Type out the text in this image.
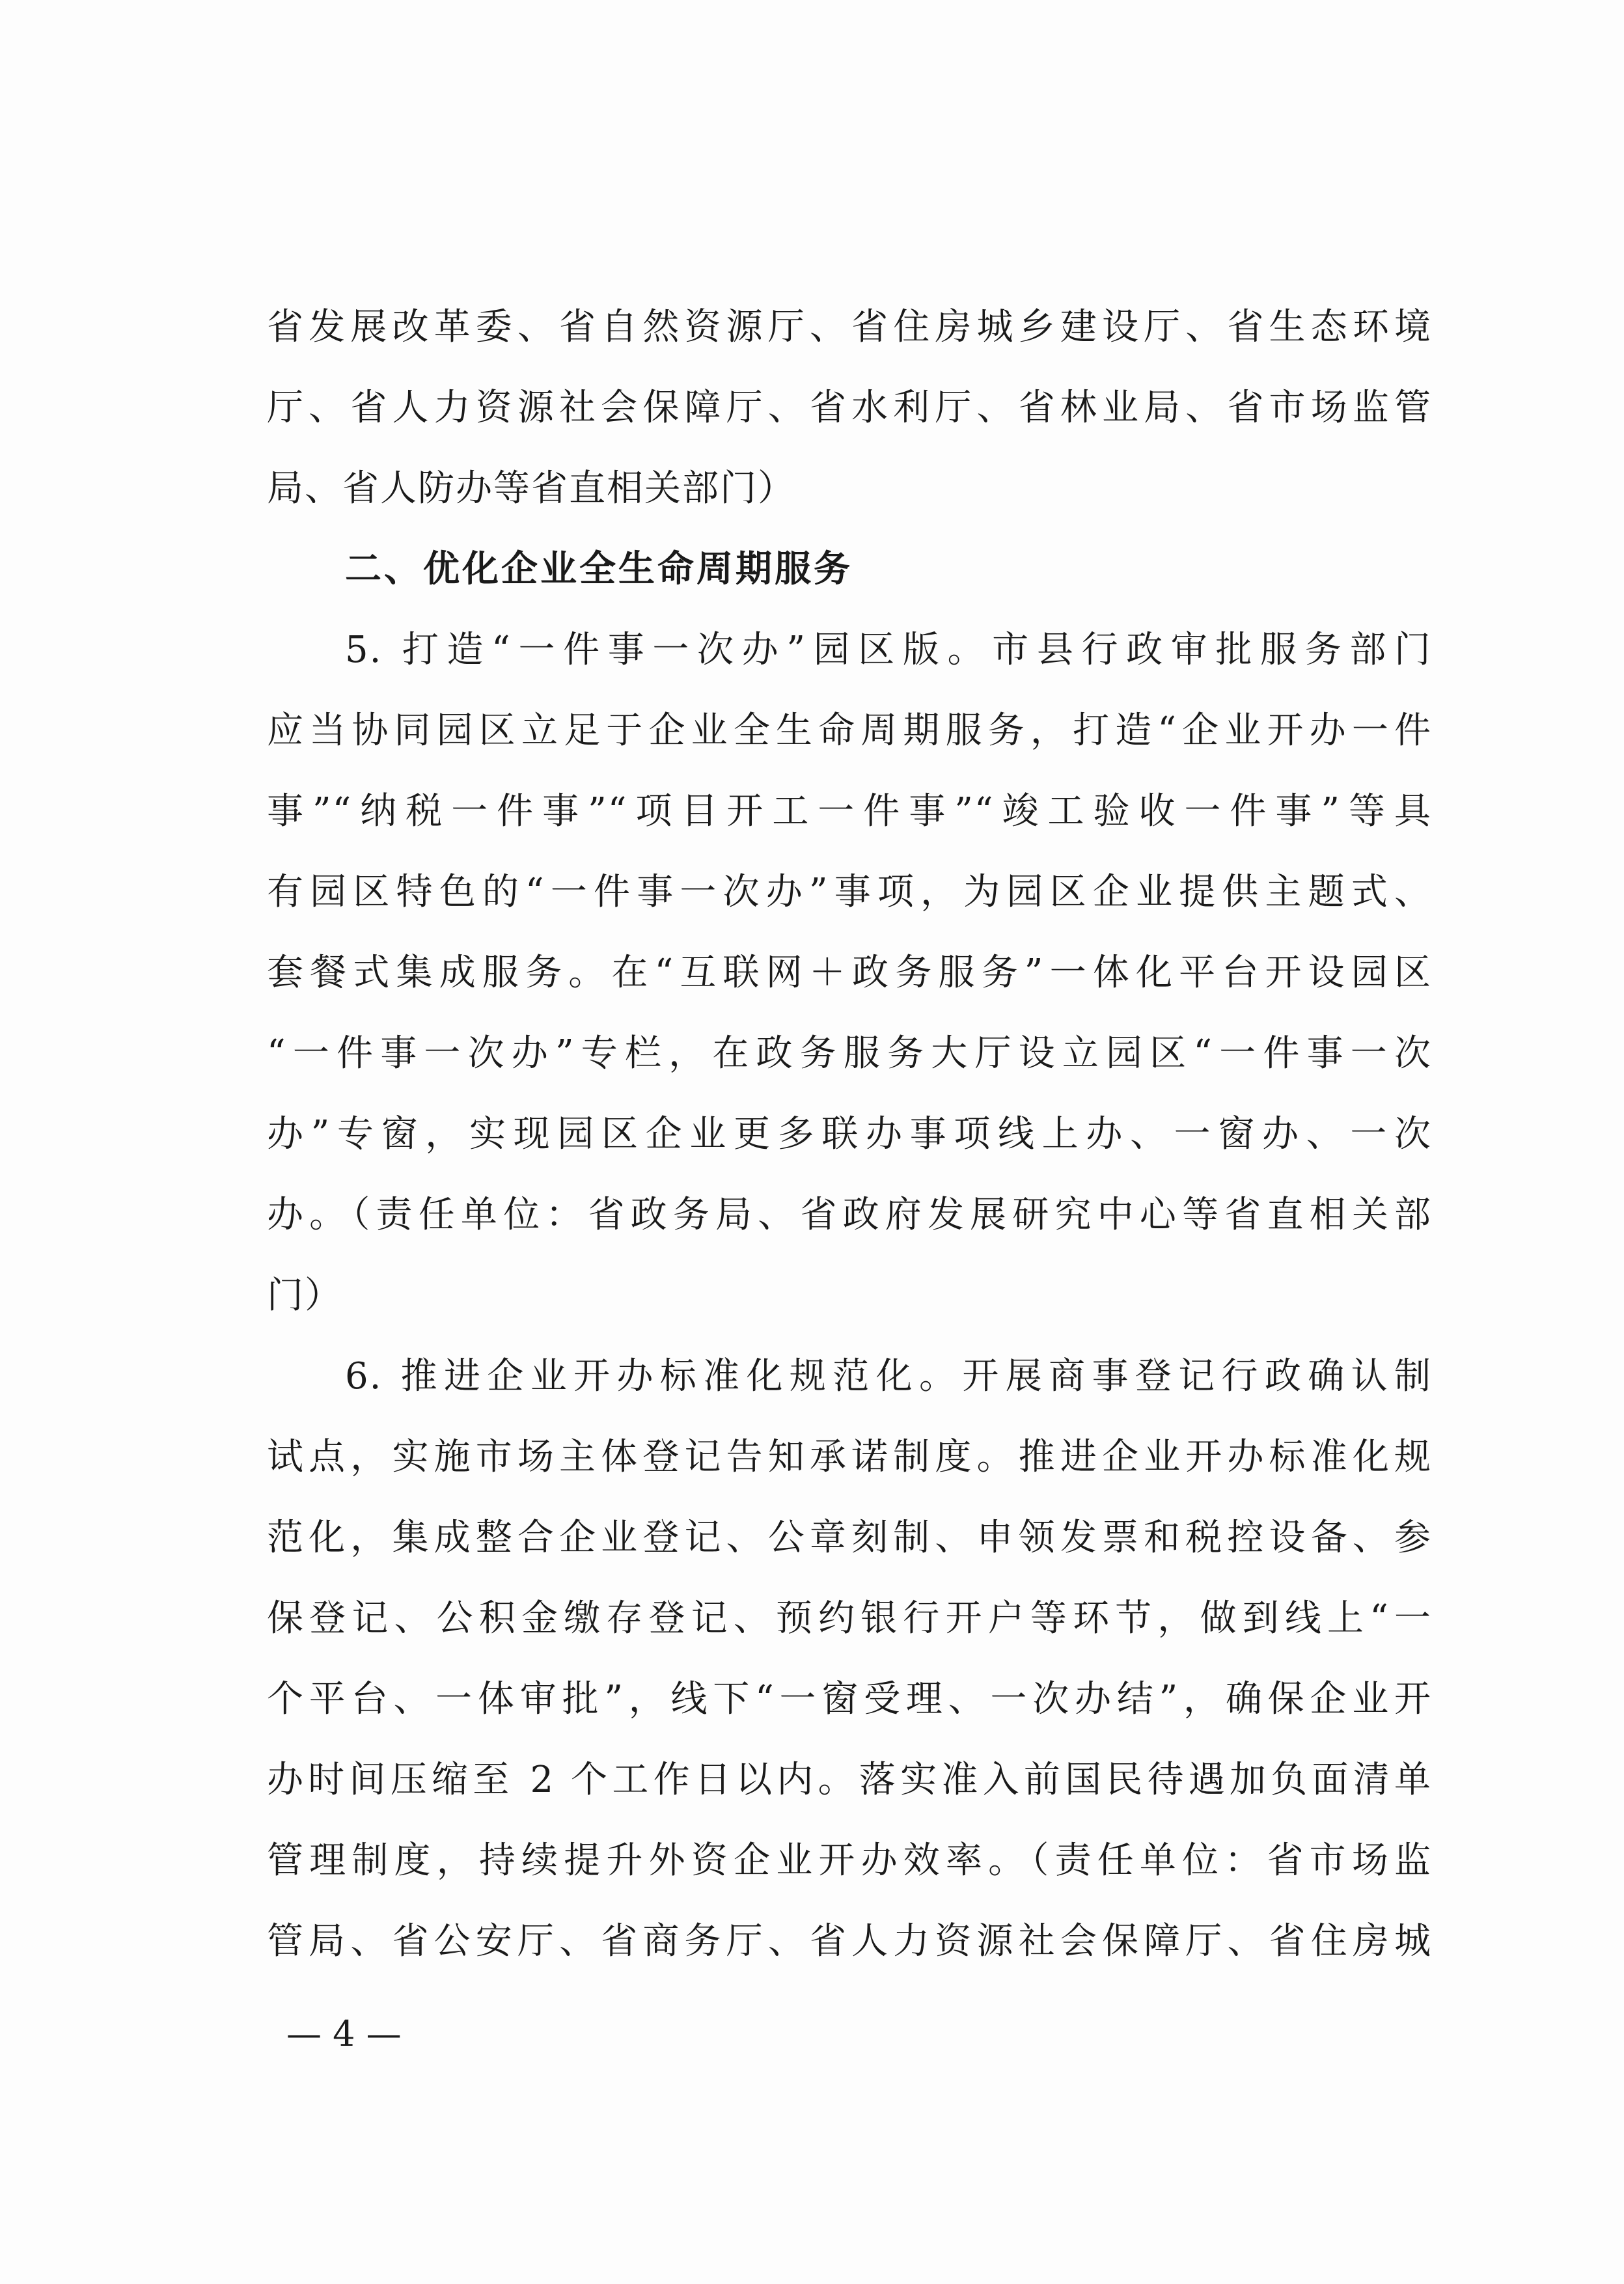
省发展改革委、省自然资源厅、省住房城乡建设厅、省生态环境
厅、省人力资源社会保障厅、省水利厅、省林业局、省市场监管
局、省人防办等省直相关部门）
二、优化企业全生命周期服务
5. 打造“一件事一次办”园区版。市县行政审批服务部门
应当协同园区立足于企业全生命周期服务，打造“企业开办一件
事”“纳税一件事”“项目开工一件事”“竣工验收一件事”等具
有园区特色的“一件事一次办”事项，为园区企业提供主题式、
套餐式集成服务。在“互联网＋政务服务”一体化平台开设园区
“一件事一次办”专栏，在政务服务大厅设立园区“一件事一次
办”专窗，实现园区企业更多联办事项线上办、一窗办、一次
办。（责任单位：省政务局、省政府发展研究中心等省直相关部
门）
6. 推进企业开办标准化规范化。开展商事登记行政确认制
试点，实施市场主体登记告知承诺制度。推进企业开办标准化规
范化，集成整合企业登记、公章刻制、申领发票和税控设备、参
保登记、公积金缴存登记、预约银行开户等环节，做到线上“一
个平台、一体审批”，线下“一窗受理、一次办结”，确保企业开
办时间压缩至 2 个工作日以内。落实准入前国民待遇加负面清单
管理制度，持续提升外资企业开办效率。（责任单位：省市场监
管局、省公安厅、省商务厅、省人力资源社会保障厅、省住房城
— 4 —
